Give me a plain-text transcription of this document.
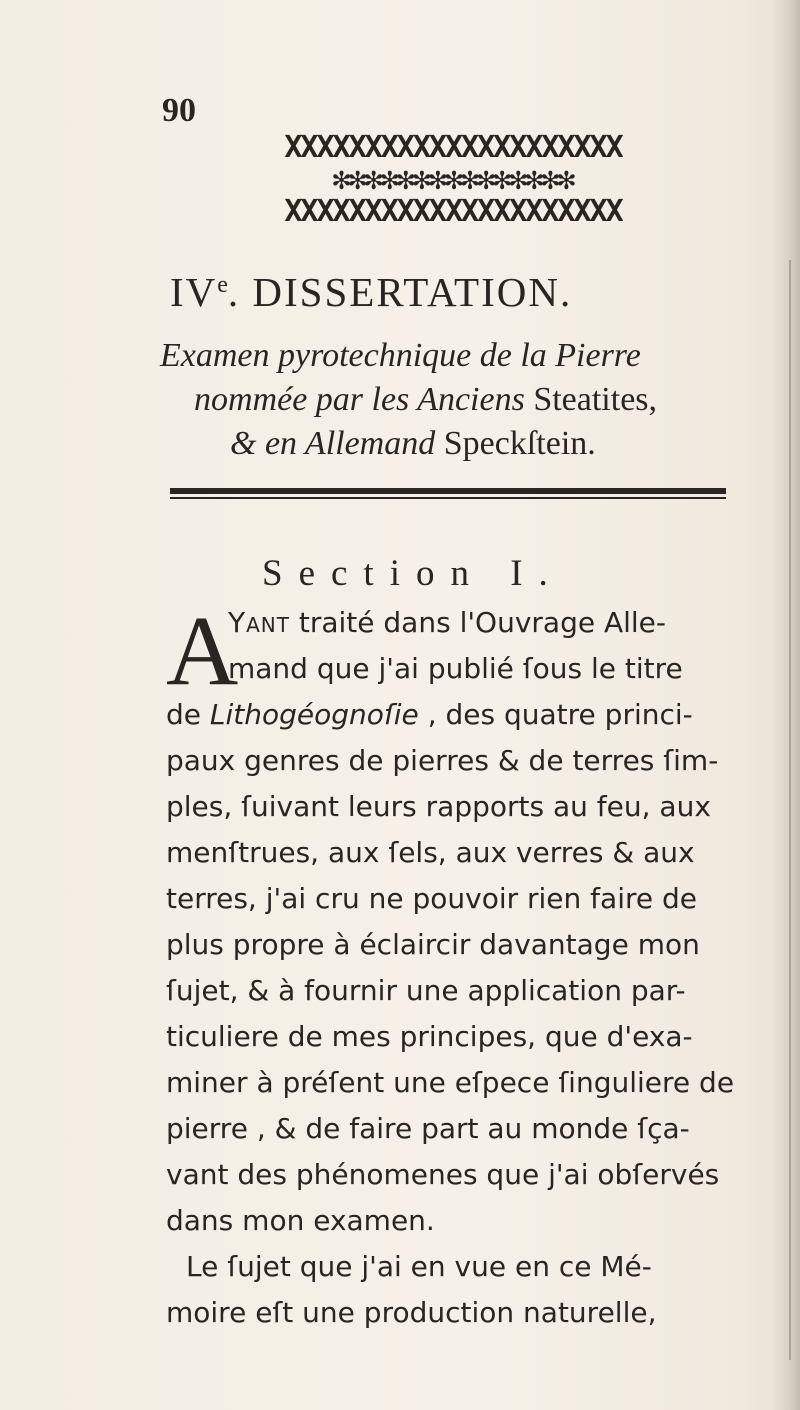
90

XXXXXXXXXXXXXXXXXXXXX
✻✻✻✻✻✻✻✻✻✻✻✻✻✻✻
XXXXXXXXXXXXXXXXXXXXX
IVe. DISSERTATION.

Examen pyrotechnique de la Pierre

nommée par les Anciens Steatites,

& en Allemand Speckſtein.

Section I.
A
Yant traité dans l'Ouvrage Alle-
mand que j'ai publié ſous le titre
de Lithogéognoſie , des quatre princi-
paux genres de pierres & de terres ſim-
ples, ſuivant leurs rapports au feu, aux
menſtrues, aux ſels, aux verres & aux
terres, j'ai cru ne pouvoir rien faire de
plus propre à éclaircir davantage mon
ſujet, & à fournir une application par-
ticuliere de mes principes, que d'exa-
miner à préſent une eſpece ſinguliere de
pierre , & de faire part au monde ſça-
vant des phénomenes que j'ai obſervés
dans mon examen.
Le ſujet que j'ai en vue en ce Mé-
moire eſt une production naturelle,
